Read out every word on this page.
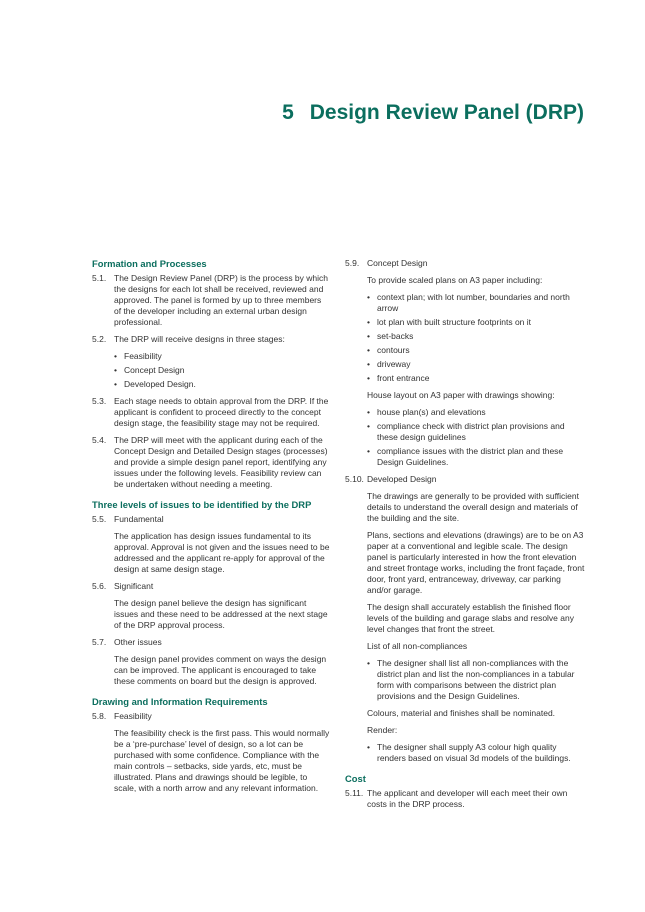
5 Design Review Panel (DRP)
Formation and Processes
5.1. The Design Review Panel (DRP) is the process by which the designs for each lot shall be received, reviewed and approved. The panel is formed by up to three members of the developer including an external urban design professional.
5.2. The DRP will receive designs in three stages:
• Feasibility
• Concept Design
• Developed Design.
5.3. Each stage needs to obtain approval from the DRP. If the applicant is confident to proceed directly to the concept design stage, the feasibility stage may not be required.
5.4. The DRP will meet with the applicant during each of the Concept Design and Detailed Design stages (processes) and provide a simple design panel report, identifying any issues under the following levels. Feasibility review can be undertaken without needing a meeting.
Three levels of issues to be identified by the DRP
5.5. Fundamental
The application has design issues fundamental to its approval. Approval is not given and the issues need to be addressed and the applicant re-apply for approval of the design at same design stage.
5.6. Significant
The design panel believe the design has significant issues and these need to be addressed at the next stage of the DRP approval process.
5.7. Other issues
The design panel provides comment on ways the design can be improved. The applicant is encouraged to take these comments on board but the design is approved.
Drawing and Information Requirements
5.8. Feasibility
The feasibility check is the first pass. This would normally be a ‘pre-purchase’ level of design, so a lot can be purchased with some confidence. Compliance with the main controls – setbacks, side yards, etc, must be illustrated. Plans and drawings should be legible, to scale, with a north arrow and any relevant information.
5.9. Concept Design
To provide scaled plans on A3 paper including:
• context plan; with lot number, boundaries and north arrow
• lot plan with built structure footprints on it
• set-backs
• contours
• driveway
• front entrance
House layout on A3 paper with drawings showing:
• house plan(s) and elevations
• compliance check with district plan provisions and these design guidelines
• compliance issues with the district plan and these Design Guidelines.
5.10. Developed Design
The drawings are generally to be provided with sufficient details to understand the overall design and materials of the building and the site.
Plans, sections and elevations (drawings) are to be on A3 paper at a conventional and legible scale. The design panel is particularly interested in how the front elevation and street frontage works, including the front façade, front door, front yard, entranceway, driveway, car parking and/or garage.
The design shall accurately establish the finished floor levels of the building and garage slabs and resolve any level changes that front the street.
List of all non-compliances
• The designer shall list all non-compliances with the district plan and list the non-compliances in a tabular form with comparisons between the district plan provisions and the Design Guidelines.
Colours, material and finishes shall be nominated.
Render:
• The designer shall supply A3 colour high quality renders based on visual 3d models of the buildings.
Cost
5.11. The applicant and developer will each meet their own costs in the DRP process.
